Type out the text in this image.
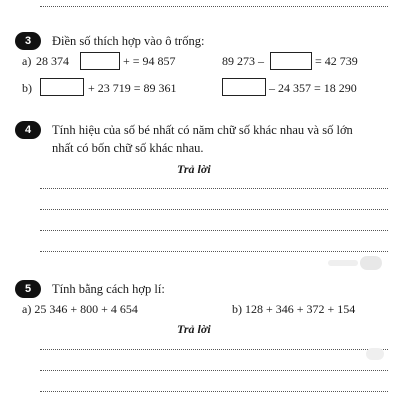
3	Điền số thích hợp vào ô trống:
a) 28 374	+ = 94 857	89 273 –	= 42 739
b)	+ 23 719 = 89 361	– 24 357 = 18 290
4	Tính hiệu của số bé nhất có năm chữ số khác nhau và số lớn
nhất có bốn chữ số khác nhau.
Trả lời
5	Tính bằng cách hợp lí:
a) 25 346 + 800 + 4 654	b) 128 + 346 + 372 + 154
Trả lời
